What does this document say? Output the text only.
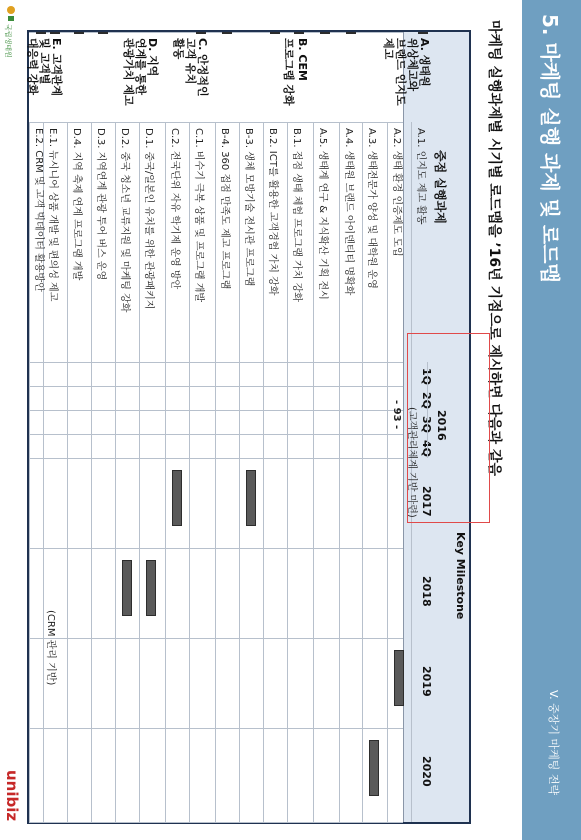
5. 마케팅 실행 과제 및 로드맵
V. 중장기 마케팅 전략
마케팅 실행과제별 시기별 로드맵을 ’16년 기점으로 제시하면 다음과 같음
중점 실행과제
Key Milestone
2016
1Q
2Q
3Q
4Q
2017
2018
2019
2020
A. 생태원
위상체고와
브랜드 인지도
제고
B. CEM
프로그램 강화
C. 안정적인
고객 유치
활동
D. 지역
연계를 통한
관광가치 제고
E. 고객관계
및 고객별
대응력 강화
A.1. 인지도 제고 활동
A.2. 생태 환경 인증제도 도입
A.3. 생태전문가 양성 및 대학원 운영
A.4. 생태원 브랜드 아이덴티티 명확화
A.5. 생태계 연구 & 지식확산 기획 전시
B.1. 접점 생태 체험 프로그램 가치 강화
B.2. ICT를 활용한 고객경험 가치 강화
B-3. 생체 모방기술 전시관 프로그램
B-4. 360 접점 만족도 제고 프로그램
C.1. 비수기 극복 상품 및 프로그램 개발
C.2. 전국단위 자유 학기제 운영 방안
D.1. 중국/일본인 유치를 위한 관광패키지
D.2. 중국 청소년 교류지원 및 마케팅 강화
D.3. 지역연계 관광 투어 버스 운영
D.4. 지역 축제 연계 프로그램 개발
E.1. 뉴시니어 상품 개발 및 편의성 제고
E.2. CRM 및 고객 빅데이터 활용방안
(고객관리체계 기반 마련)
(CRM 관리 기반)
- 93 -
국립생태원
unibiz
